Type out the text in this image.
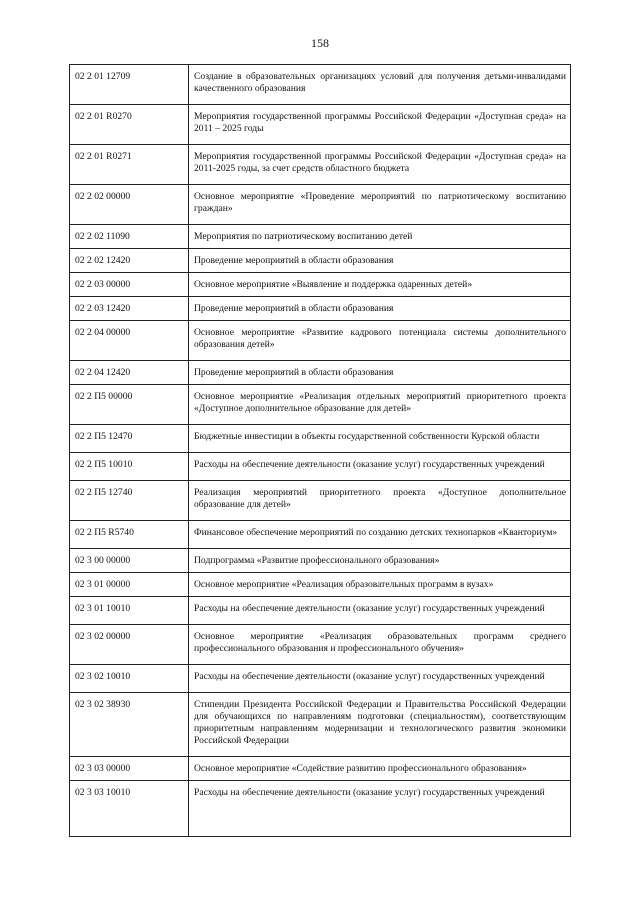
158
02 2 01 12709	Создание в образовательных организациях условий для получения детьми-инвалидами качественного образования
02 2 01 R0270	Мероприятия государственной программы Российской Федерации «Доступная среда» на 2011 – 2025 годы
02 2 01 R0271	Мероприятия государственной программы Российской Федерации «Доступная среда» на 2011-2025 годы, за счет средств областного бюджета
02 2 02 00000	Основное мероприятие «Проведение мероприятий по патриотическому воспитанию граждан»
02 2 02 11090	Мероприятия по патриотическому воспитанию детей
02 2 02 12420	Проведение мероприятий в области образования
02 2 03 00000	Основное мероприятие «Выявление и поддержка одаренных детей»
02 2 03 12420	Проведение мероприятий в области образования
02 2 04 00000	Основное мероприятие «Развитие кадрового потенциала системы дополнительного образования детей»
02 2 04 12420	Проведение мероприятий в области образования
02 2 П5 00000	Основное мероприятие «Реализация отдельных мероприятий приоритетного проекта «Доступное дополнительное образование для детей»
02 2 П5 12470	Бюджетные инвестиции в объекты государственной собственности Курской области
02 2 П5 10010	Расходы на обеспечение деятельности (оказание услуг) государственных учреждений
02 2 П5 12740	Реализация мероприятий приоритетного проекта «Доступное дополнительное образование для детей»
02 2 П5 R5740	Финансовое обеспечение мероприятий по созданию детских технопарков «Кванториум»
02 3 00 00000	Подпрограмма «Развитие профессионального образования»
02 3 01 00000	Основное мероприятие «Реализация образовательных программ в вузах»
02 3 01 10010	Расходы на обеспечение деятельности (оказание услуг) государственных учреждений
02 3 02 00000	Основное мероприятие «Реализация образовательных программ среднего профессионального образования и профессионального обучения»
02 3 02 10010	Расходы на обеспечение деятельности (оказание услуг) государственных учреждений
02 3 02 38930	Стипендии Президента Российской Федерации и Правительства Российской Федерации для обучающихся по направлениям подготовки (специальностям), соответствующим приоритетным направлениям модернизации и технологического развития экономики Российской Федерации
02 3 03 00000	Основное мероприятие «Содействие развитию профессионального образования»
02 3 03 10010	Расходы на обеспечение деятельности (оказание услуг) государственных учреждений
